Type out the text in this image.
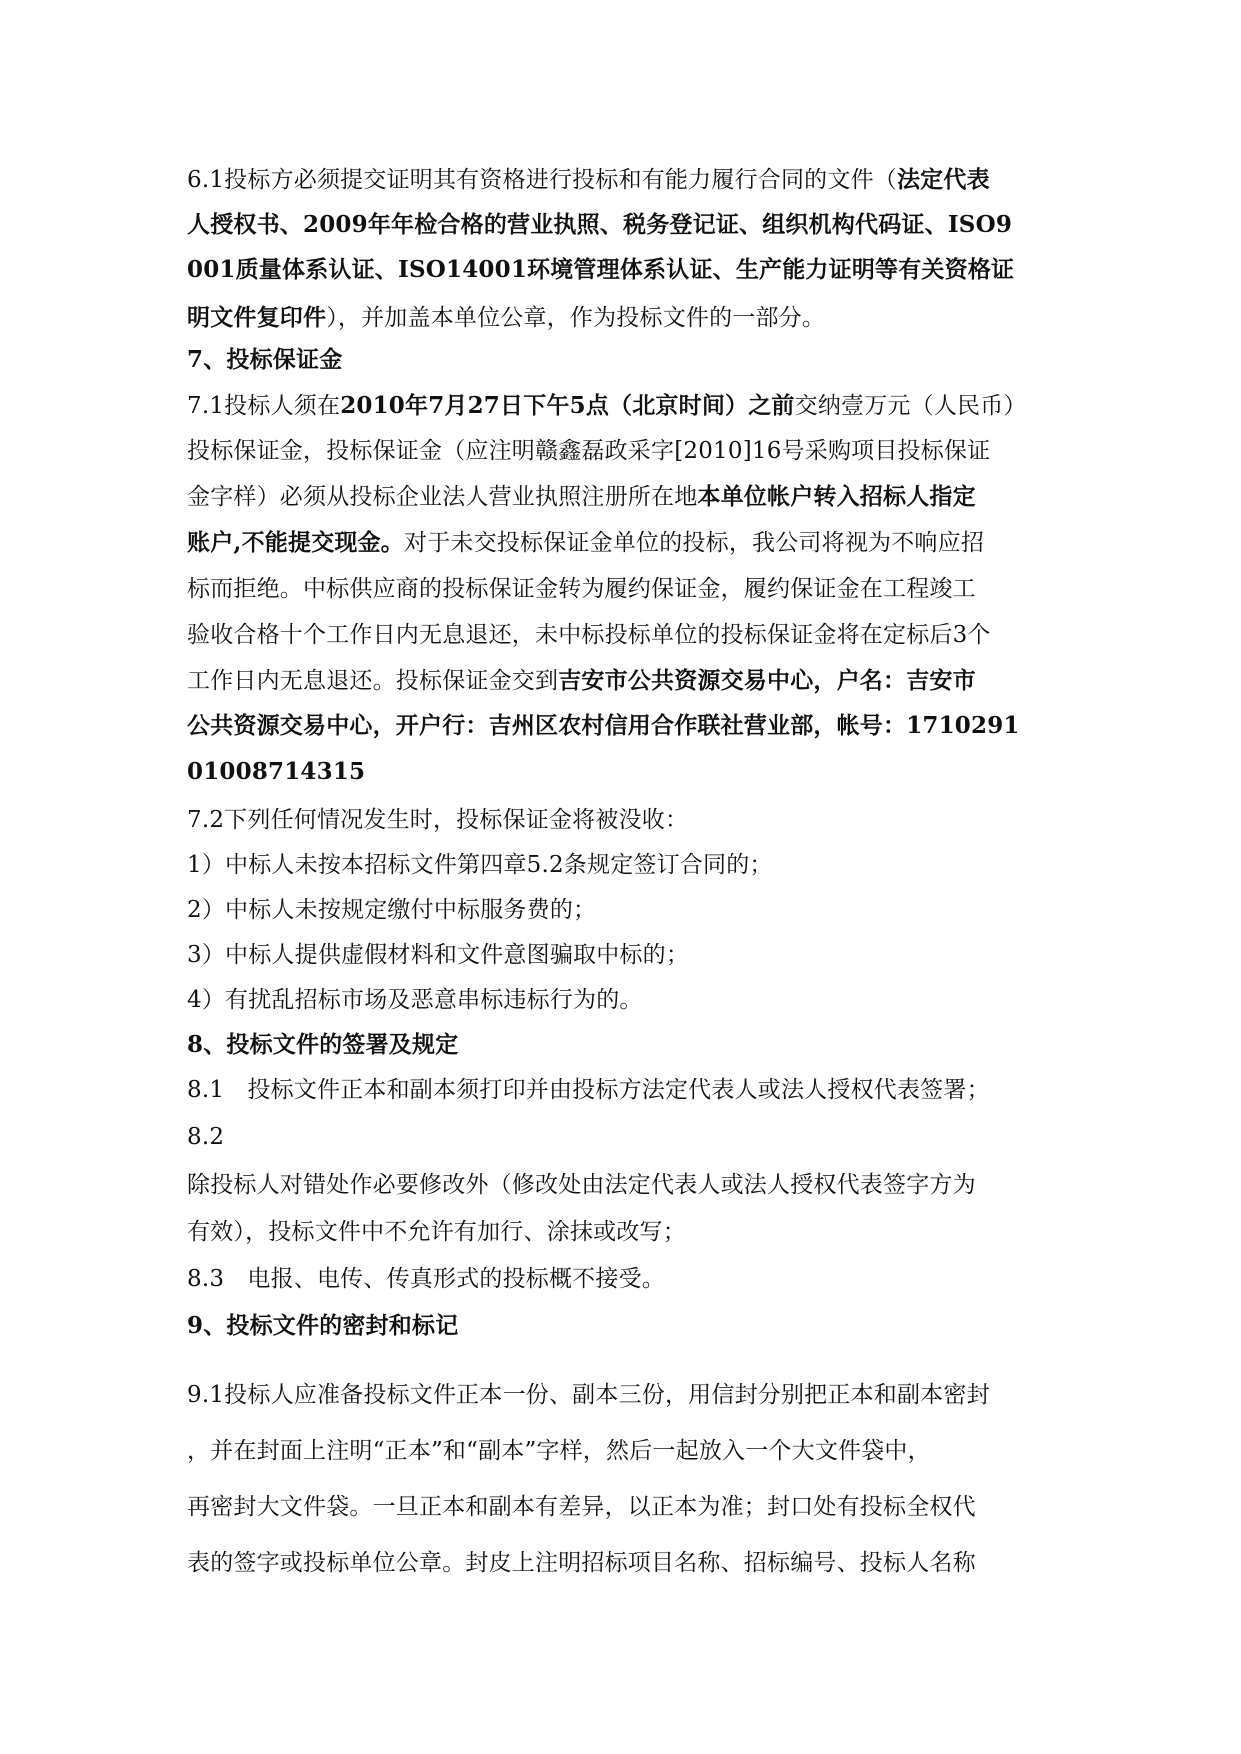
6.1投标方必须提交证明其有资格进行投标和有能力履行合同的文件（法定代表
人授权书、2009年年检合格的营业执照、税务登记证、组织机构代码证、ISO9
001质量体系认证、ISO14001环境管理体系认证、生产能力证明等有关资格证
明文件复印件），并加盖本单位公章，作为投标文件的一部分。
7、投标保证金
7.1投标人须在2010年7月27日下午5点（北京时间）之前交纳壹万元（人民币）
投标保证金，投标保证金（应注明赣鑫磊政采字[2010]16号采购项目投标保证
金字样）必须从投标企业法人营业执照注册所在地本单位帐户转入招标人指定
账户,不能提交现金。对于未交投标保证金单位的投标，我公司将视为不响应招
标而拒绝。中标供应商的投标保证金转为履约保证金，履约保证金在工程竣工
验收合格十个工作日内无息退还，未中标投标单位的投标保证金将在定标后3个
工作日内无息退还。投标保证金交到吉安市公共资源交易中心，户名：吉安市
公共资源交易中心，开户行：吉州区农村信用合作联社营业部，帐号：1710291
01008714315
7.2下列任何情况发生时，投标保证金将被没收：
1）中标人未按本招标文件第四章5.2条规定签订合同的；
2）中标人未按规定缴付中标服务费的；
3）中标人提供虚假材料和文件意图骗取中标的；
4）有扰乱招标市场及恶意串标违标行为的。
8、投标文件的签署及规定
8.1　投标文件正本和副本须打印并由投标方法定代表人或法人授权代表签署；
8.2
除投标人对错处作必要修改外（修改处由法定代表人或法人授权代表签字方为
有效），投标文件中不允许有加行、涂抹或改写；
8.3　电报、电传、传真形式的投标概不接受。
9、投标文件的密封和标记
9.1投标人应准备投标文件正本一份、副本三份，用信封分别把正本和副本密封
，并在封面上注明“正本”和“副本”字样，然后一起放入一个大文件袋中，
再密封大文件袋。一旦正本和副本有差异，以正本为准；封口处有投标全权代
表的签字或投标单位公章。封皮上注明招标项目名称、招标编号、投标人名称
